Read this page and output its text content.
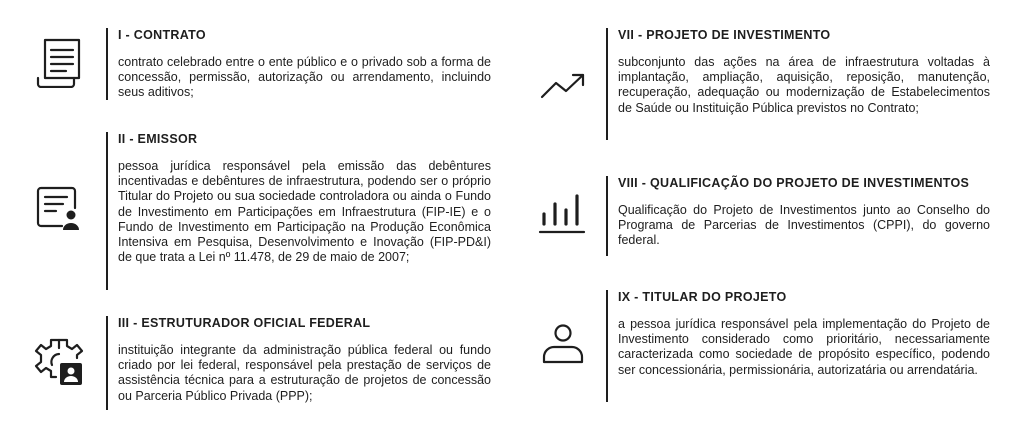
I - CONTRATO

contrato celebrado entre o ente público e o privado sob a forma de concessão, permissão, autorização ou arrendamento, incluindo seus aditivos;

II - EMISSOR

pessoa jurídica responsável pela emissão das debêntures incentivadas e debêntures de infraestrutura, podendo ser o próprio Titular do Projeto ou sua sociedade controladora ou ainda o Fundo de Investimento em Participações em Infraestrutura (FIP-IE) e o Fundo de Investimento em Participação na Produção Econômica Intensiva em Pesquisa, Desenvolvimento e Inovação (FIP-PD&I) de que trata a Lei nº 11.478, de 29 de maio de 2007;

III - ESTRUTURADOR OFICIAL FEDERAL

instituição integrante da administração pública federal ou fundo criado por lei federal, responsável pela prestação de serviços de assistência técnica para a estruturação de projetos de concessão ou Parceria Público Privada (PPP);

VII - PROJETO DE INVESTIMENTO

subconjunto das ações na área de infraestrutura voltadas à implantação, ampliação, aquisição, reposição, manutenção, recuperação, adequação ou modernização de Estabelecimentos de Saúde ou Instituição Pública previstos no Contrato;

VIII - QUALIFICAÇÃO DO PROJETO DE INVESTIMENTOS

Qualificação do Projeto de Investimentos junto ao Conselho do Programa de Parcerias de Investimentos (CPPI), do governo federal.

IX - TITULAR DO PROJETO

a pessoa jurídica responsável pela implementação do Projeto de Investimento considerado como prioritário, necessariamente caracterizada como sociedade de propósito específico, podendo ser concessionária, permissionária, autorizatária ou arrendatária.
